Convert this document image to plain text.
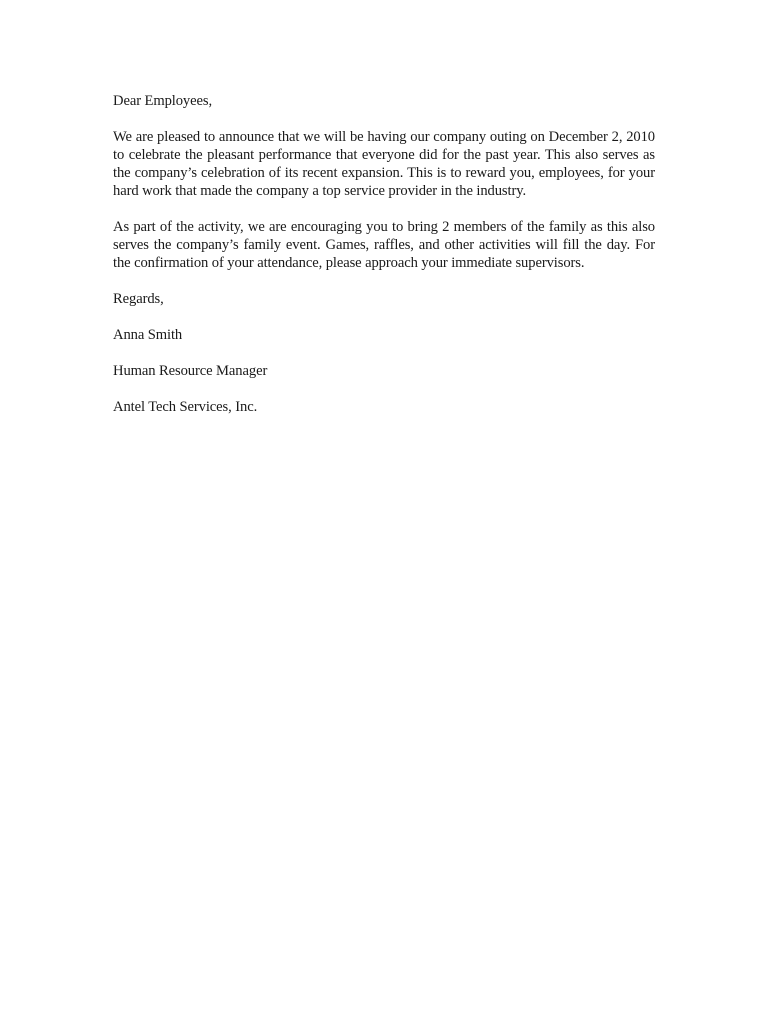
Dear Employees,

We are pleased to announce that we will be having our company outing on December 2, 2010 to celebrate the pleasant performance that everyone did for the past year. This also serves as the company’s celebration of its recent expansion. This is to reward you, employees, for your hard work that made the company a top service provider in the industry.

As part of the activity, we are encouraging you to bring 2 members of the family as this also serves the company’s family event. Games, raffles, and other activities will fill the day. For the confirmation of your attendance, please approach your immediate supervisors.

Regards,

Anna Smith

Human Resource Manager

Antel Tech Services, Inc.
